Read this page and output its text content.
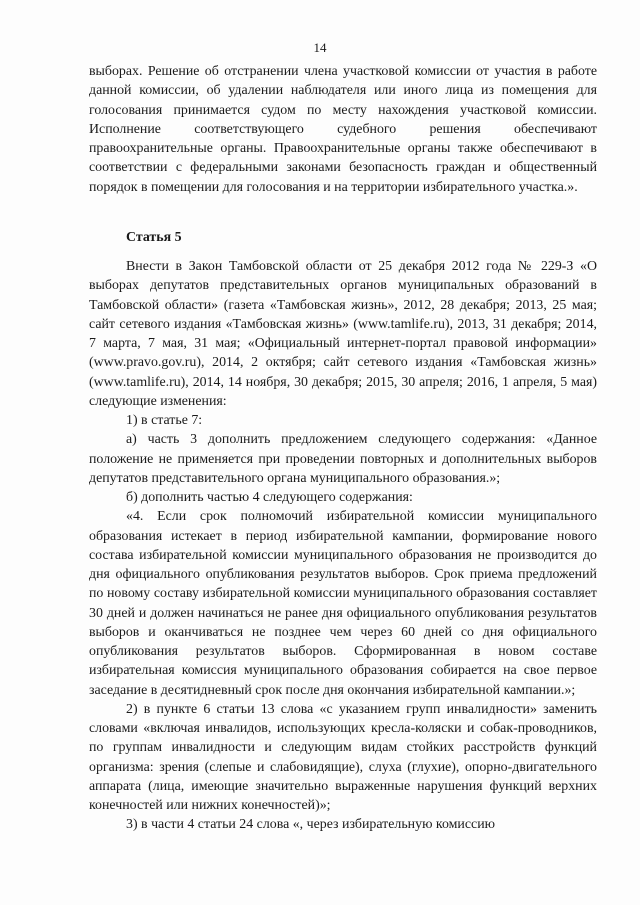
14

выборах. Решение об отстранении члена участковой комиссии от участия в работе данной комиссии, об удалении наблюдателя или иного лица из помещения для голосования принимается судом по месту нахождения участковой комиссии. Исполнение соответствующего судебного решения обеспечивают правоохранительные органы. Правоохранительные органы также обеспечивают в соответствии с федеральными законами безопасность граждан и общественный порядок в помещении для голосования и на территории избирательного участка.».

Статья 5

Внести в Закон Тамбовской области от 25 декабря 2012 года № 229-З «О выборах депутатов представительных органов муниципальных образований в Тамбовской области» (газета «Тамбовская жизнь», 2012, 28 декабря; 2013, 25 мая; сайт сетевого издания «Тамбовская жизнь» (www.tamlife.ru), 2013, 31 декабря; 2014, 7 марта, 7 мая, 31 мая; «Официальный интернет-портал правовой информации» (www.pravo.gov.ru), 2014, 2 октября; сайт сетевого издания «Тамбовская жизнь» (www.tamlife.ru), 2014, 14 ноября, 30 декабря; 2015, 30 апреля; 2016, 1 апреля, 5 мая) следующие изменения:

1) в статье 7:

а) часть 3 дополнить предложением следующего содержания: «Данное положение не применяется при проведении повторных и дополнительных выборов депутатов представительного органа муниципального образования.»;

б) дополнить частью 4 следующего содержания:

«4. Если срок полномочий избирательной комиссии муниципального образования истекает в период избирательной кампании, формирование нового состава избирательной комиссии муниципального образования не производится до дня официального опубликования результатов выборов. Срок приема предложений по новому составу избирательной комиссии муниципального образования составляет 30 дней и должен начинаться не ранее дня официального опубликования результатов выборов и оканчиваться не позднее чем через 60 дней со дня официального опубликования результатов выборов. Сформированная в новом составе избирательная комиссия муниципального образования собирается на свое первое заседание в десятидневный срок после дня окончания избирательной кампании.»;

2) в пункте 6 статьи 13 слова «с указанием групп инвалидности» заменить словами «включая инвалидов, использующих кресла-коляски и собак-проводников, по группам инвалидности и следующим видам стойких расстройств функций организма: зрения (слепые и слабовидящие), слуха (глухие), опорно-двигательного аппарата (лица, имеющие значительно выраженные нарушения функций верхних конечностей или нижних конечностей)»;

3) в части 4 статьи 24 слова «, через избирательную комиссию
